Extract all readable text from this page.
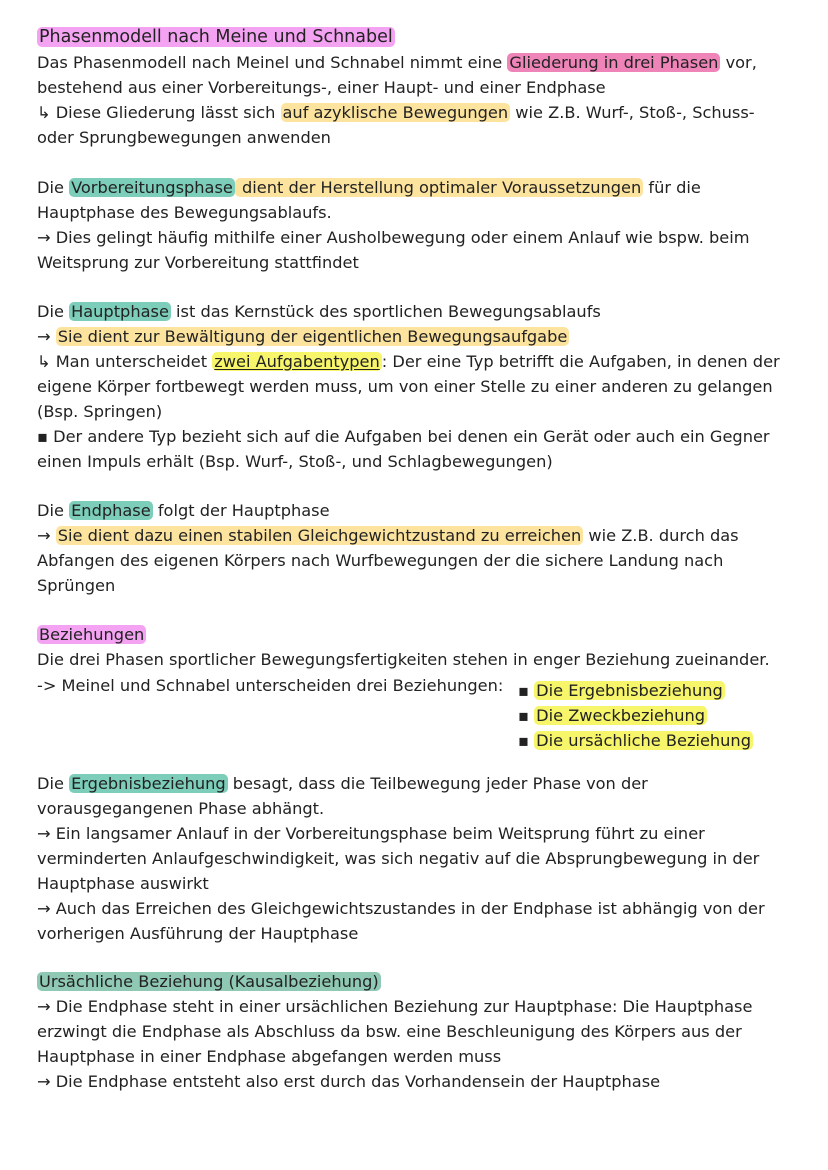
Phasenmodell nach Meine und Schnabel
Das Phasenmodell nach Meinel und Schnabel nimmt eine Gliederung in drei Phasen vor,
bestehend aus einer Vorbereitungs-, einer Haupt- und einer Endphase
↳ Diese Gliederung lässt sich auf azyklische Bewegungen wie Z.B. Wurf-, Stoß-, Schuss-
oder Sprungbewegungen anwenden
Die Vorbereitungsphase dient der Herstellung optimaler Voraussetzungen für die
Hauptphase des Bewegungsablaufs.
→ Dies gelingt häufig mithilfe einer Ausholbewegung oder einem Anlauf wie bspw. beim
Weitsprung zur Vorbereitung stattfindet
Die Hauptphase ist das Kernstück des sportlichen Bewegungsablaufs
→ Sie dient zur Bewältigung der eigentlichen Bewegungsaufgabe
↳ Man unterscheidet zwei Aufgabentypen : Der eine Typ betrifft die Aufgaben, in denen der
eigene Körper fortbewegt werden muss, um von einer Stelle zu einer anderen zu gelangen
(Bsp. Springen)
▪ Der andere Typ bezieht sich auf die Aufgaben bei denen ein Gerät oder auch ein Gegner
einen Impuls erhält (Bsp. Wurf-, Stoß-, und Schlagbewegungen)
Die Endphase folgt der Hauptphase
→ Sie dient dazu einen stabilen Gleichgewichtzustand zu erreichen wie Z.B. durch das
Abfangen des eigenen Körpers nach Wurfbewegungen der die sichere Landung nach
Sprüngen
Beziehungen
Die drei Phasen sportlicher Bewegungsfertigkeiten stehen in enger Beziehung zueinander.
-> Meinel und Schnabel unterscheiden drei Beziehungen: ▪ Die Ergebnisbeziehung
▪ Die Zweckbeziehung
▪ Die ursächliche Beziehung
Die Ergebnisbeziehung besagt, dass die Teilbewegung jeder Phase von der
vorausgegangenen Phase abhängt.
→ Ein langsamer Anlauf in der Vorbereitungsphase beim Weitsprung führt zu einer
verminderten Anlaufgeschwindigkeit, was sich negativ auf die Absprungbewegung in der
Hauptphase auswirkt
→ Auch das Erreichen des Gleichgewichtszustandes in der Endphase ist abhängig von der
vorherigen Ausführung der Hauptphase
Ursächliche Beziehung (Kausalbeziehung)
→ Die Endphase steht in einer ursächlichen Beziehung zur Hauptphase: Die Hauptphase
erzwingt die Endphase als Abschluss da bsw. eine Beschleunigung des Körpers aus der
Hauptphase in einer Endphase abgefangen werden muss
→ Die Endphase entsteht also erst durch das Vorhandensein der Hauptphase
